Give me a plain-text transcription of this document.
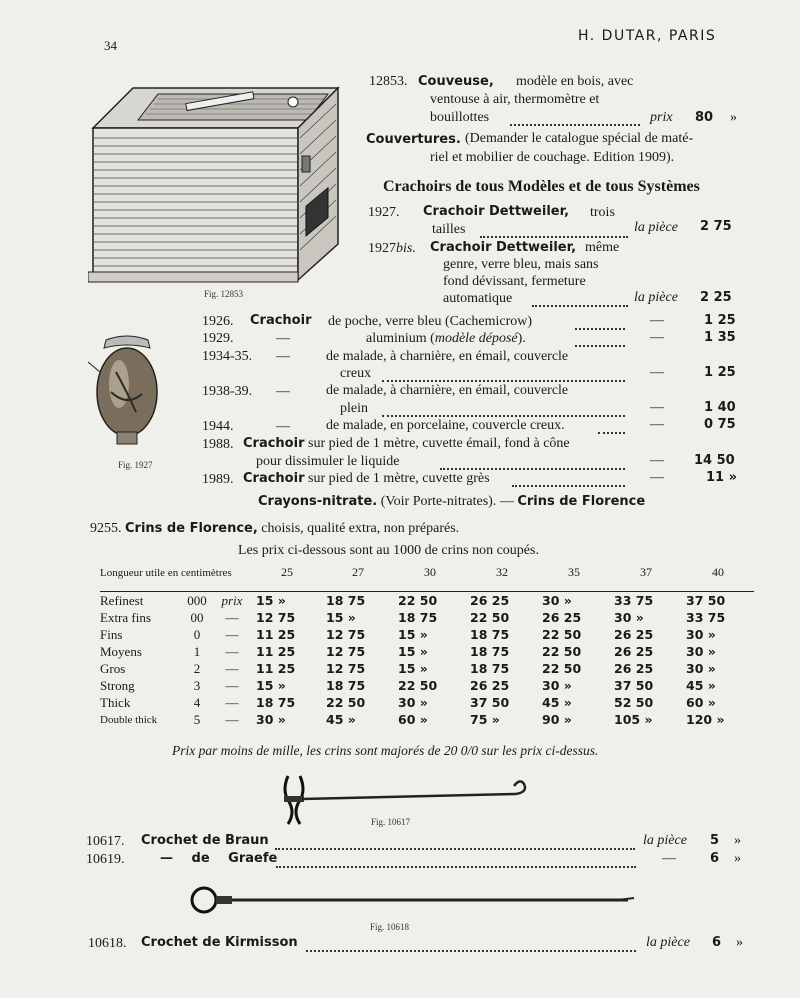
34
H. DUTAR, PARIS
Fig. 12853
12853. Couveuse, modèle en bois, avec
ventouse à air, thermomètre et
bouillottes	prix 80 »
Couvertures. (Demander le catalogue spécial de maté-
riel et mobilier de couchage. Edition 1909).
Crachoirs de tous Modèles et de tous Systèmes
1927. Crachoir Dettweiler, trois
tailles	la pièce 2 75
1927bis. Crachoir Dettweiler, même
genre, verre bleu, mais sans
fond dévissant, fermeture
automatique	la pièce 2 25
Fig. 1927
1926. Crachoir de poche, verre bleu (Cachemicrow)	—	1 25
1929.	—	aluminium (modèle déposé).	—	1 35
1934-35. —	de malade, à charnière, en émail, couvercle
creux	—	1 25
1938-39. —	de malade, à charnière, en émail, couvercle
plein	—	1 40
1944.	—	de malade, en porcelaine, couvercle creux.	—	0 75
1988. Crachoir sur pied de 1 mètre, cuvette émail, fond à cône
pour dissimuler le liquide	— 14 50
1989. Crachoir sur pied de 1 mètre, cuvette grès	—	11 »
Crayons-nitrate. (Voir Porte-nitrates). — Crins de Florence
9255. Crins de Florence, choisis, qualité extra, non préparés.
Les prix ci-dessous sont au 1000 de crins non coupés.
Longueur utile en centimètres			25	27	30	32	35	37	40

Refinest	000	prix	15 »	18 75	22 50	26 25	30 »	33 75	37 50
Extra fins	00	—	12 75	15 »	18 75	22 50	26 25	30 »	33 75
Fins	0	—	11 25	12 75	15 »	18 75	22 50	26 25	30 »
Moyens	1	—	11 25	12 75	15 »	18 75	22 50	26 25	30 »
Gros	2	—	11 25	12 75	15 »	18 75	22 50	26 25	30 »
Strong	3	—	15 »	18 75	22 50	26 25	30 »	37 50	45 »
Thick	4	—	18 75	22 50	30 »	37 50	45 »	52 50	60 »
Double thick	5	—	30 »	45 »	60 »	75 »	90 »	105 »	120 »
Prix par moins de mille, les crins sont majorés de 20 0/0 sur les prix ci-dessus.
Fig. 10617
10617. Crochet de Braun	la pièce 5 »
10619.	— de Graefe	—	6 »
Fig. 10618
10618. Crochet de Kirmisson	la pièce 6 »
